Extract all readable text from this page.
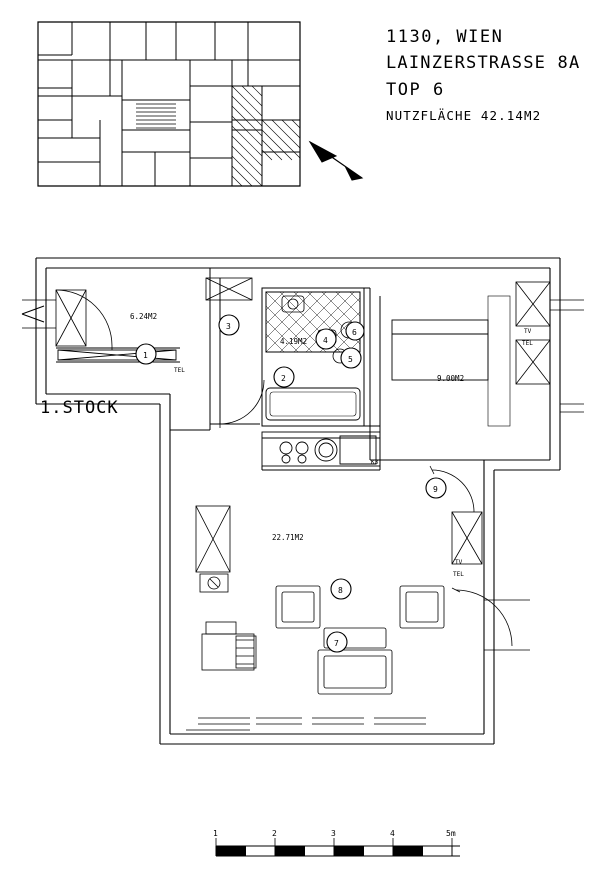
1130, WIEN
LAINZERSTRASSE 8A
TOP 6
NUTZFLÄCHE 42.14M2
1.STOCK
6.24M2
4.19M2
9.00M2
22.71M2
TEL
TV
TEL
TV
TEL
K3
1
2
3
4
5
6
7
8
9
1	2	3	4	5m
